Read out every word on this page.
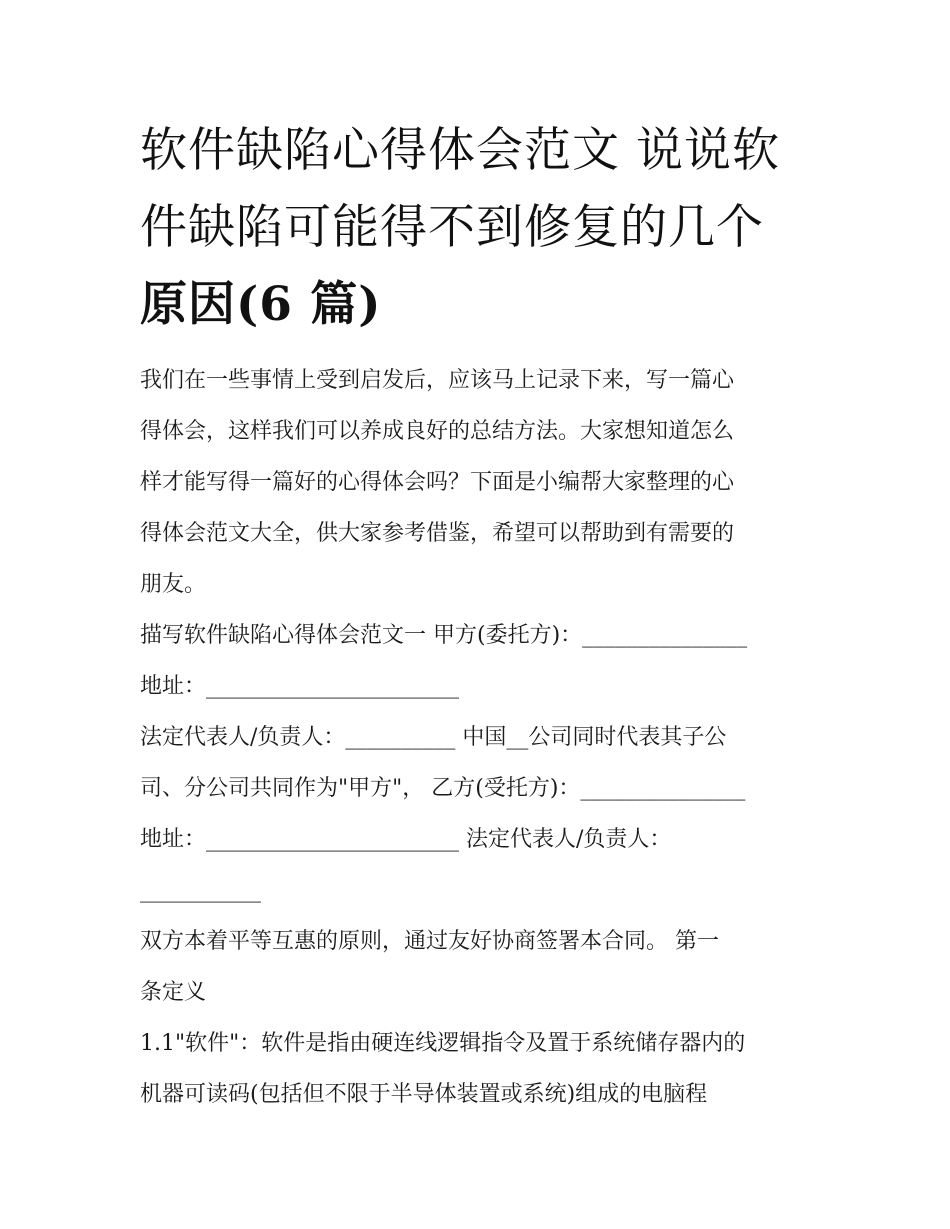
软件缺陷心得体会范文 说说软
件缺陷可能得不到修复的几个
原因(6 篇)

我们在一些事情上受到启发后，应该马上记录下来，写一篇心
得体会，这样我们可以养成良好的总结方法。大家想知道怎么
样才能写得一篇好的心得体会吗？下面是小编帮大家整理的心
得体会范文大全，供大家参考借鉴，希望可以帮助到有需要的
朋友。

描写软件缺陷心得体会范文一 甲方(委托方)：_______________
地址：_______________________
法定代表人/负责人：__________ 中国__公司同时代表其子公
司、分公司共同作为"甲方"， 乙方(受托方)：_______________
地址：_______________________ 法定代表人/负责人：
___________
双方本着平等互惠的原则，通过友好协商签署本合同。 第一
条定义
1.1"软件"：软件是指由硬连线逻辑指令及置于系统储存器内的
机器可读码(包括但不限于半导体装置或系统)组成的电脑程
